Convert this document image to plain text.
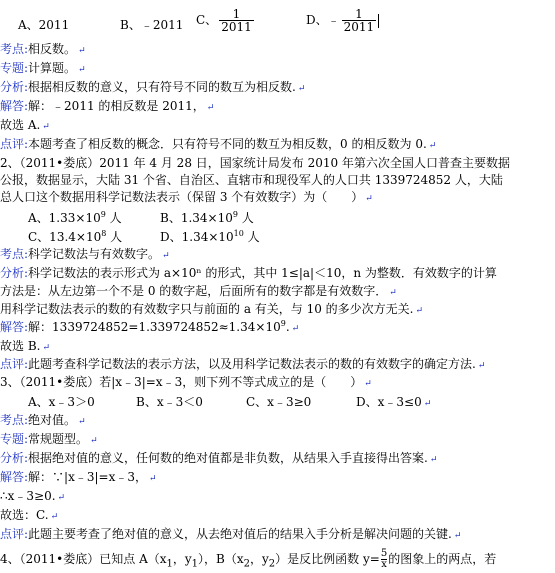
A、2011	B、﹣2011 C、 $\frac{1}{2011}$	D、﹣ $\frac{1}{2011}$
考点:相反数。 ↵
专题:计算题。 ↵
分析:根据相反数的意义，只有符号不同的数互为相反数. ↵
解答:解：﹣2011 的相反数是 2011， ↵
故选 A. ↵
点评:本题考查了相反数的概念．只有符号不同的数互为相反数，0 的相反数为 0. ↵
2、（2011•娄底）2011 年 4 月 28 日，国家统计局发布 2010 年第六次全国人口普查主要数据
公报，数据显示，大陆 31 个省、自治区、直辖市和现役军人的人口共 1339724852 人，大陆
总人口这个数据用科学记数法表示（保留 3 个有效数字）为（　　） ↵
A、$1.33\times 10^9$ 人	B、$1.34\times 10^9$ 人
C、$13.4\times 10^8$ 人	D、$1.34\times 10^{10}$ 人
考点:科学记数法与有效数字。 ↵
分析:科学记数法的表示形式为 a×10ⁿ 的形式，其中 1≤|a|＜10，n 为整数．有效数字的计算
方法是：从左边第一个不是 0 的数字起，后面所有的数字都是有效数字． ↵
用科学记数法表示的数的有效数字只与前面的 a 有关，与 10 的多少次方无关. ↵
解答:解：$1339724852=1.339724852\approx 1.34\times 10^9$. ↵
故选 B. ↵
点评:此题考查科学记数法的表示方法，以及用科学记数法表示的数的有效数字的确定方法. ↵
3、（2011•娄底）若|x﹣3|=x﹣3，则下列不等式成立的是（　　） ↵
A、x﹣3＞0	B、x﹣3＜0	C、x﹣3≥0	D、x﹣3≤0 ↵
考点:绝对值。 ↵
专题:常规题型。 ↵
分析:根据绝对值的意义，任何数的绝对值都是非负数，从结果入手直接得出答案. ↵
解答:解：∵|x﹣3|=x﹣3， ↵
∴x﹣3≥0. ↵
故选：C. ↵
点评:此题主要考查了绝对值的意义，从去绝对值后的结果入手分析是解决问题的关键. ↵
4、（2011•娄底）已知点 $A(x_1$，$y_1$），$B(x_2$，$y_2$）是反比例函数 $y= \frac{5}{x}$ 的图象上的两点，若
